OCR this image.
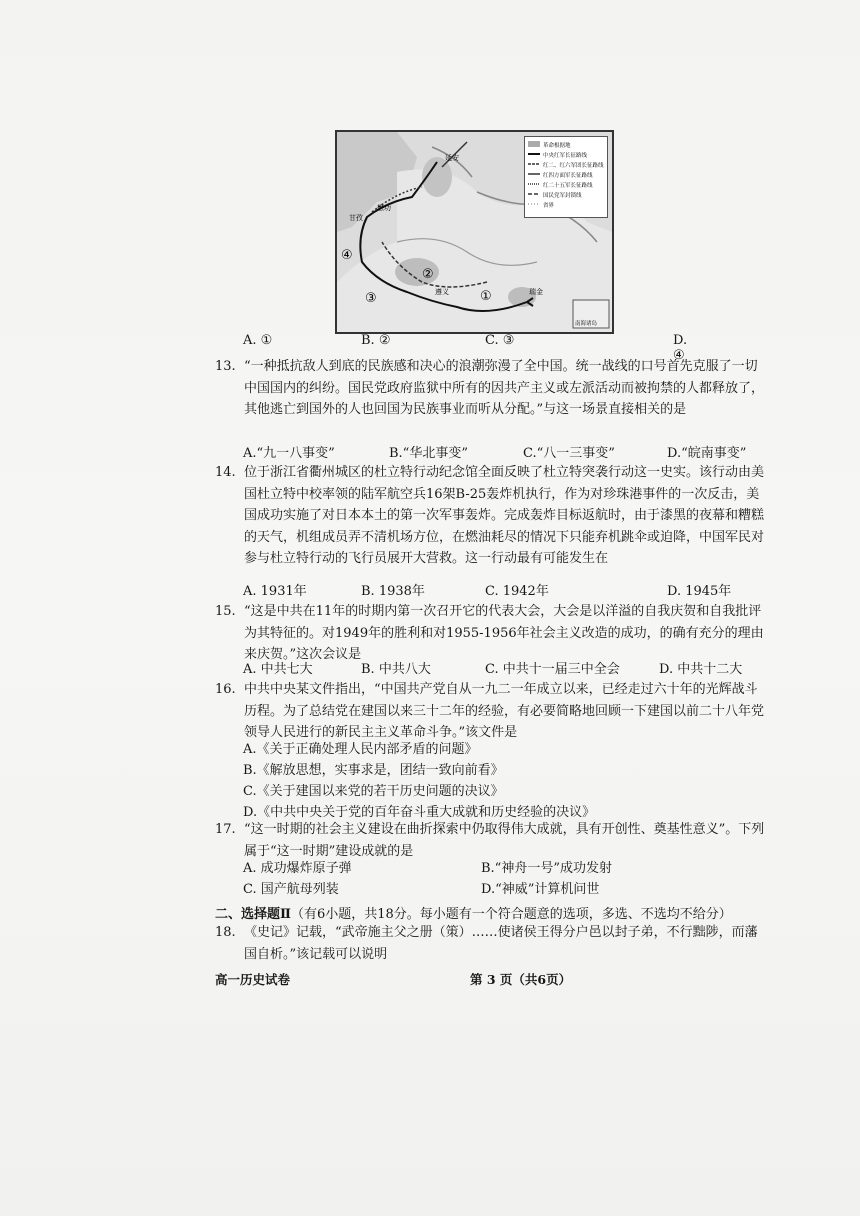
①
②
③
④
延安
甘孜
懋功
遵义	瑞金
南海诸岛
革命根据地
中央红军长征路线
红二、红六军团长征路线
红四方面军长征路线
红二十五军长征路线
国民党军封锁线
省界
A. ①	B. ②	C. ③	D. ④
13. “一种抵抗敌人到底的民族感和决心的浪潮弥漫了全中国。统一战线的口号首先克服了一切中国国内的纠纷。国民党政府监狱中所有的因共产主义或左派活动而被拘禁的人都释放了，其他逃亡到国外的人也回国为民族事业而听从分配。”与这一场景直接相关的是
A.“九一八事变”	B.“华北事变”	C.“八一三事变”	D.“皖南事变”
14. 位于浙江省衢州城区的杜立特行动纪念馆全面反映了杜立特突袭行动这一史实。该行动由美国杜立特中校率领的陆军航空兵16架B-25轰炸机执行，作为对珍珠港事件的一次反击，美国成功实施了对日本本土的第一次军事轰炸。完成轰炸目标返航时，由于漆黑的夜幕和糟糕的天气，机组成员弄不清机场方位，在燃油耗尽的情况下只能弃机跳伞或迫降，中国军民对参与杜立特行动的飞行员展开大营救。这一行动最有可能发生在
A. 1931年	B. 1938年	C. 1942年	D. 1945年
15. “这是中共在11年的时期内第一次召开它的代表大会，大会是以洋溢的自我庆贺和自我批评为其特征的。对1949年的胜利和对1955-1956年社会主义改造的成功，的确有充分的理由来庆贺。”这次会议是
A. 中共七大	B. 中共八大	C. 中共十一届三中全会	D. 中共十二大
16. 中共中央某文件指出，“中国共产党自从一九二一年成立以来，已经走过六十年的光辉战斗历程。为了总结党在建国以来三十二年的经验，有必要简略地回顾一下建国以前二十八年党领导人民进行的新民主主义革命斗争。”该文件是
A.《关于正确处理人民内部矛盾的问题》
B.《解放思想，实事求是，团结一致向前看》
C.《关于建国以来党的若干历史问题的决议》
D.《中共中央关于党的百年奋斗重大成就和历史经验的决议》
17. “这一时期的社会主义建设在曲折探索中仍取得伟大成就，具有开创性、奠基性意义”。下列属于“这一时期”建设成就的是
A. 成功爆炸原子弹	B.“神舟一号”成功发射
C. 国产航母列装	D.“神威”计算机问世
二、选择题Ⅱ（有6小题，共18分。每小题有一个符合题意的选项，多选、不选均不给分）
18. 《史记》记载，“武帝施主父之册（策）……使诸侯王得分户邑以封子弟，不行黜陟，而藩国自析。”该记载可以说明
高一历史试卷	第 3 页（共6页）
